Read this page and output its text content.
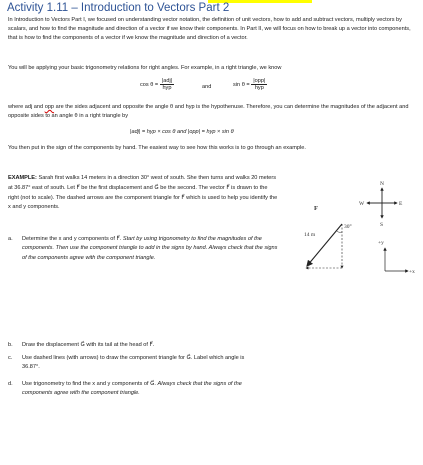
Activity 1.11 – Introduction to Vectors Part 2
In Introduction to Vectors Part I, we focused on understanding vector notation, the definition of unit vectors, how to add and subtract vectors, multiply vectors by scalars, and how to find the magnitude and direction of a vector if we know their components. In Part II, we will focus on how to break up a vector into components, that is how to find the components of a vector if we know the magnitude and direction of a vector.
You will be applying your basic trigonometry relations for right angles. For example, in a right triangle, we know
$\cos \theta = \frac{\text{|adj|}}{\text{hyp}}$	and	$\sin \theta = \frac{\text{|opp|}}{\text{hyp}}$
where adj and opp are the sides adjacent and opposite the angle θ and hyp is the hypothenuse. Therefore, you can determine the magnitudes of the adjacent and opposite sides to an angle θ in a right triangle by
|adj| = hyp × cos θ and |opp| = hyp × sin θ
You then put in the sign of the components by hand. The easiest way to see how this works is to go through an example.
EXAMPLE: Sarah first walks 14 meters in a direction 30° west of south. She then turns and walks 20 meters at 36.87° east of south. Let F⃗ be the first displacement and G⃗ be the second. The vector F⃗ is drawn to the right (not to scale). The dashed arrows are the component triangle for F⃗ which is used to help you identify the x and y components.
a. Determine the x and y components of F⃗. Start by using trigonometry to find the magnitudes of the components. Then use the component triangle to add in the signs by hand. Always check that the signs of the components agree with the component triangle.
b. Draw the displacement G⃗ with its tail at the head of F⃗.
c. Use dashed lines (with arrows) to draw the component triangle for G⃗. Label which angle is 36.87°.
d. Use trigonometry to find the x and y components of G⃗. Always check that the signs of the components agree with the component triangle.
N
S
E
W
30°
14 m
F⃗
+y
+x
